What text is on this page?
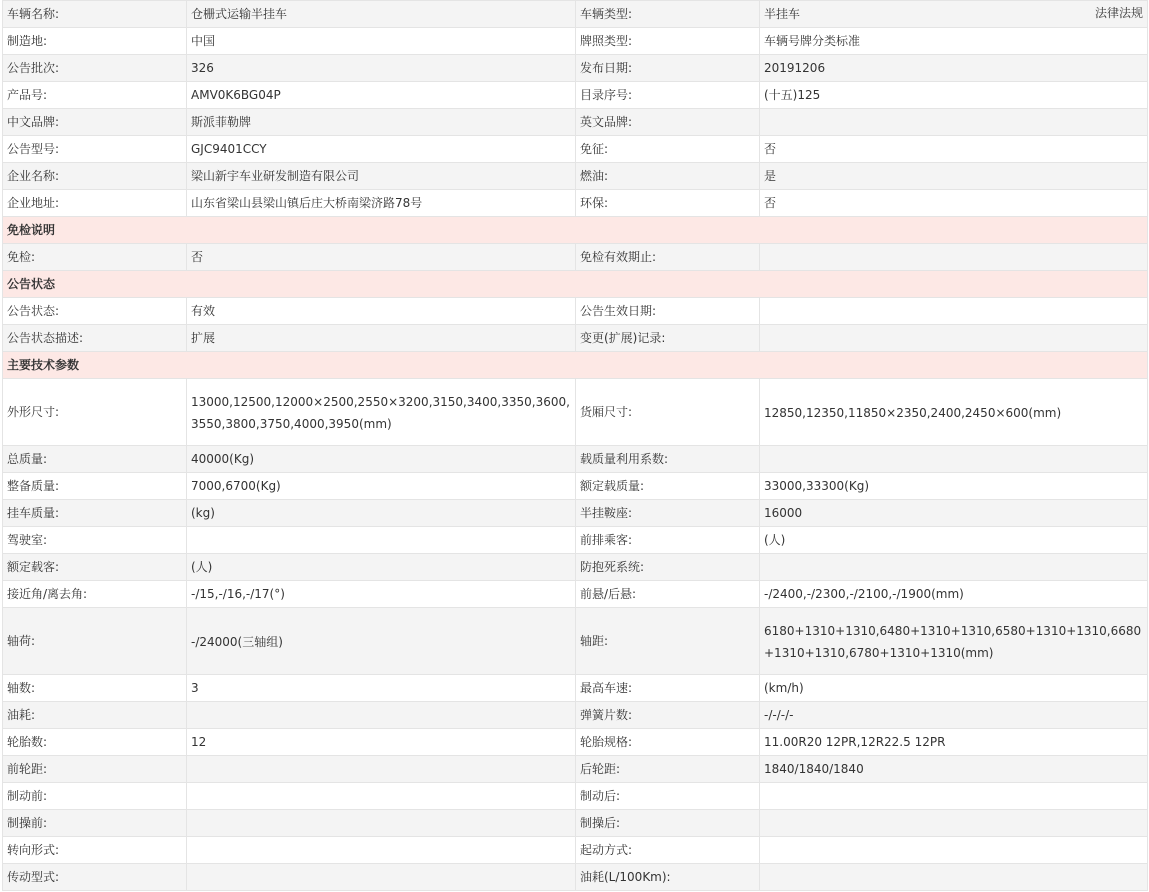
车辆名称:	仓栅式运输半挂车	车辆类型:	半挂车
制造地:	中国	牌照类型:	车辆号牌分类标准
公告批次:	326	发布日期:	20191206
产品号:	AMV0K6BG04P	目录序号:	(十五)125
中文品牌:	斯派菲勒牌	英文品牌:	
公告型号:	GJC9401CCY	免征:	否
企业名称:	梁山新宇车业研发制造有限公司	燃油:	是
企业地址:	山东省梁山县梁山镇后庄大桥南梁济路78号	环保:	否
免检说明			
免检:	否	免检有效期止:	
公告状态			
公告状态:	有效	公告生效日期:	
公告状态描述:	扩展	变更(扩展)记录:	
主要技术参数			
外形尺寸:	13000,12500,12000×2500,2550×3200,3150,3400,3350,3600,3550,3800,3750,4000,3950(mm)	货厢尺寸:	12850,12350,11850×2350,2400,2450×600(mm)

总质量:	40000(Kg)	载质量利用系数:	
整备质量:	7000,6700(Kg)	额定载质量:	33000,33300(Kg)
挂车质量:	(kg)	半挂鞍座:	16000
驾驶室:		前排乘客:	(人)
额定载客:	(人)	防抱死系统:	
接近角/离去角:	-/15,-/16,-/17(°)	前悬/后悬:	-/2400,-/2300,-/2100,-/1900(mm)
轴荷:	-/24000(三轴组)	轴距:	6180+1310+1310,6480+1310+1310,6580+1310+1310,6680+1310+1310,6780+1310+1310(mm)

轴数:	3	最高车速:	(km/h)
油耗:		弹簧片数:	-/-/-/-
轮胎数:	12	轮胎规格:	11.00R20 12PR,12R22.5 12PR
前轮距:		后轮距:	1840/1840/1840
制动前:		制动后:	
制操前:		制操后:	
转向形式:		起动方式:	
传动型式:		油耗(L/100Km):	
法律法规
